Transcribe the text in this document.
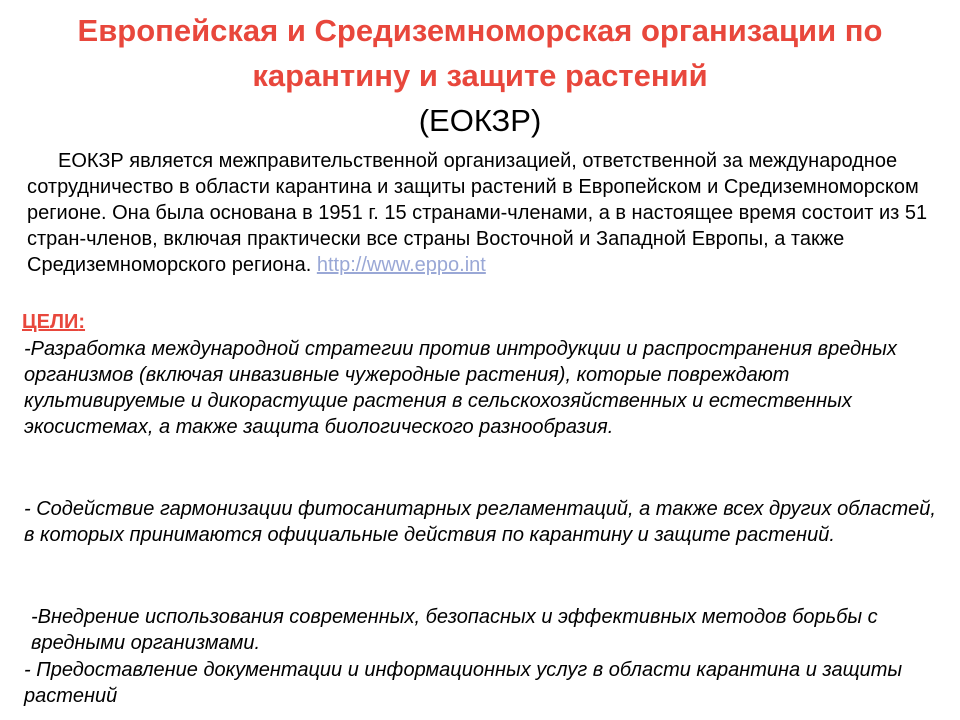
Европейская и Средиземноморская организации по карантину и защите растений
(ЕОКЗР)

ЕОКЗР является межправительственной организацией, ответственной за международное сотрудничество в области карантина и защиты растений в Европейском и Средиземноморском регионе. Она была основана в 1951 г. 15 странами-членами, а в настоящее время состоит из 51 стран-членов, включая практически все страны Восточной и Западной Европы, а также Средиземноморского региона. http://www.eppo.int

ЦЕЛИ:

-Разработка международной стратегии против интродукции и распространения вредных организмов (включая инвазивные чужеродные растения), которые повреждают культивируемые и дикорастущие растения в сельскохозяйственных и естественных экосистемах, а также защита биологического разнообразия.

- Содействие гармонизации фитосанитарных регламентаций, а также всех других областей, в которых принимаются официальные действия по карантину и защите растений.

-Внедрение использования современных, безопасных и эффективных методов борьбы с вредными организмами.

- Предоставление документации и информационных услуг в области карантина и защиты растений
